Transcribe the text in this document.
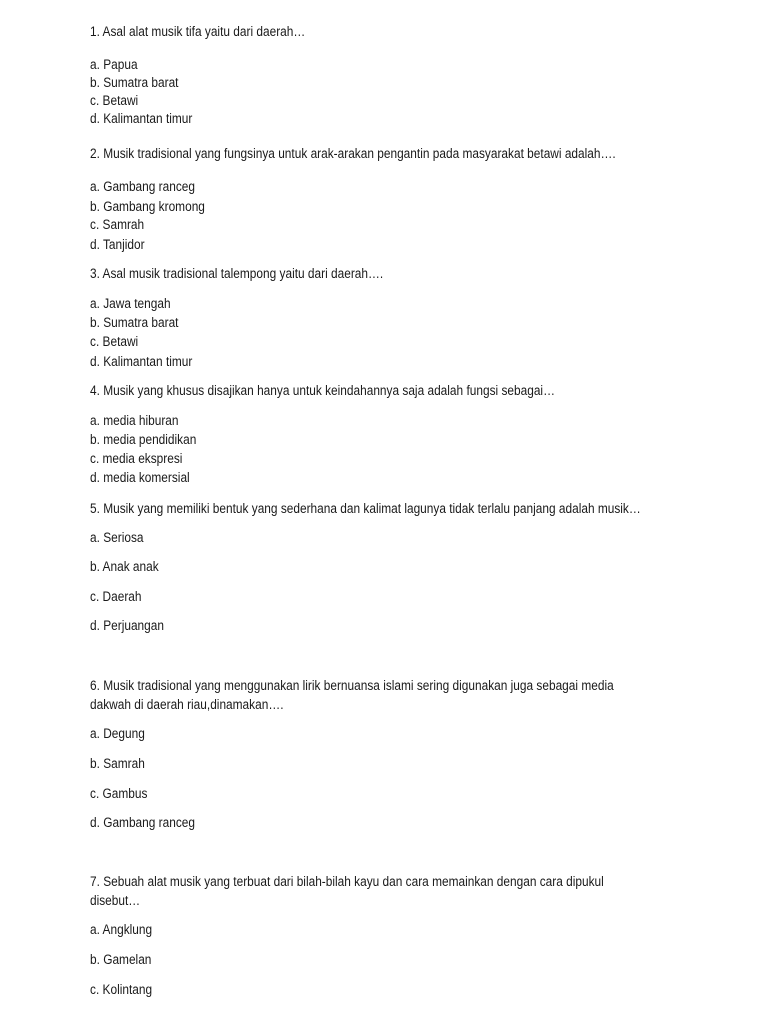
1. Asal alat musik tifa yaitu dari daerah…
a. Papua
b. Sumatra barat
c. Betawi
d. Kalimantan timur
2. Musik tradisional yang fungsinya untuk arak-arakan pengantin pada masyarakat betawi adalah….
a. Gambang ranceg
b. Gambang kromong
c. Samrah
d. Tanjidor
3. Asal musik tradisional talempong yaitu dari daerah….
a. Jawa tengah
b. Sumatra barat
c. Betawi
d. Kalimantan timur
4. Musik yang khusus disajikan hanya untuk keindahannya saja adalah fungsi sebagai…
a. media hiburan
b. media pendidikan
c. media ekspresi
d. media komersial
5. Musik yang memiliki bentuk yang sederhana dan kalimat lagunya tidak terlalu panjang adalah musik…
a. Seriosa
b. Anak anak
c. Daerah
d. Perjuangan
6. Musik tradisional yang menggunakan lirik bernuansa islami sering digunakan juga sebagai media
dakwah di daerah riau,dinamakan….
a. Degung
b. Samrah
c. Gambus
d. Gambang ranceg
7. Sebuah alat musik yang terbuat dari bilah-bilah kayu dan cara memainkan dengan cara dipukul
disebut…
a. Angklung
b. Gamelan
c. Kolintang
